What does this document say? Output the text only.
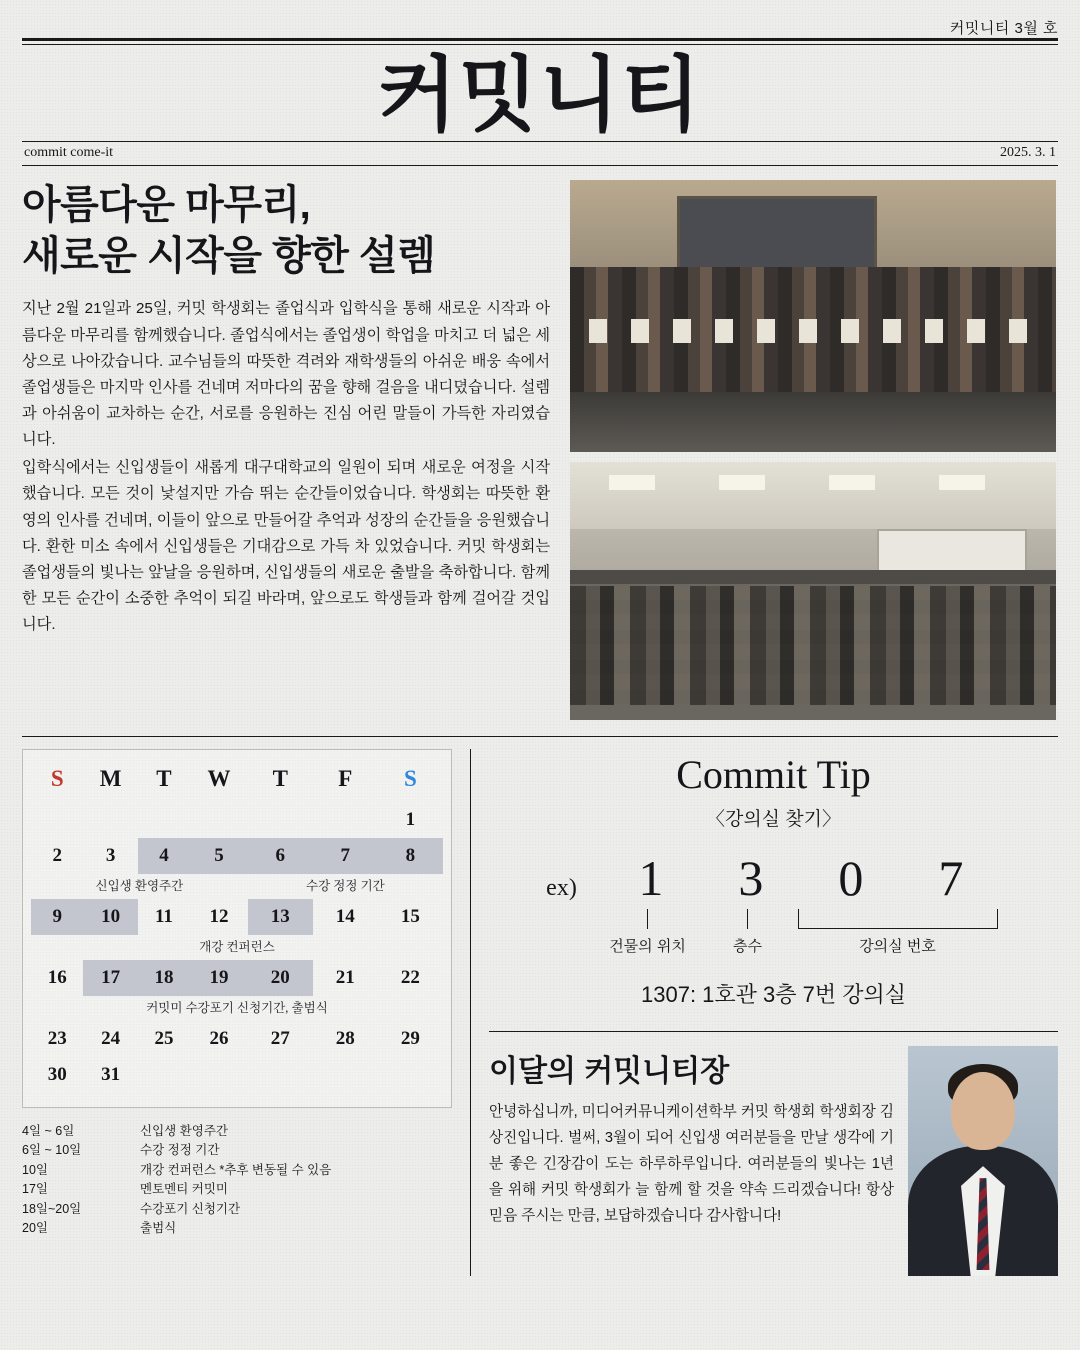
커밋니티 3월 호
커밋니티
commit come-it	2025. 3. 1
아름다운 마무리,
새로운 시작을 향한 설렘

지난 2월 21일과 25일, 커밋 학생회는 졸업식과 입학식을 통해 새로운 시작과 아름다운 마무리를 함께했습니다. 졸업식에서는 졸업생이 학업을 마치고 더 넓은 세상으로 나아갔습니다. 교수님들의 따뜻한 격려와 재학생들의 아쉬운 배웅 속에서 졸업생들은 마지막 인사를 건네며 저마다의 꿈을 향해 걸음을 내디뎠습니다. 설렘과 아쉬움이 교차하는 순간, 서로를 응원하는 진심 어린 말들이 가득한 자리였습니다.

입학식에서는 신입생들이 새롭게 대구대학교의 일원이 되며 새로운 여정을 시작했습니다. 모든 것이 낯설지만 가슴 뛰는 순간들이었습니다. 학생회는 따뜻한 환영의 인사를 건네며, 이들이 앞으로 만들어갈 추억과 성장의 순간들을 응원했습니다. 환한 미소 속에서 신입생들은 기대감으로 가득 차 있었습니다. 커밋 학생회는 졸업생들의 빛나는 앞날을 응원하며, 신입생들의 새로운 출발을 축하합니다. 함께한 모든 순간이 소중한 추억이 되길 바라며, 앞으로도 학생들과 함께 걸어갈 것입니다.

S	M	T	W	T	F	S
						1
2	3	4	5	6	7	8
신입생 환영주간				수강 정정 기간		
9	10	11	12	13	14	15
개강 컨퍼런스						
16	17	18	19	20	21	22
커밋미 수강포기 신청기간, 출범식						
23	24	25	26	27	28	29
30	31					
4일 ~ 6일	신입생 환영주간
6일 ~ 10일	수강 정정 기간
10일	개강 컨퍼런스 *추후 변동될 수 있음
17일	멘토멘티 커밋미
18일~20일	수강포기 신청기간
20일	출범식
Commit Tip
〈강의실 찾기〉
ex)	1	3	0	7
건물의 위치	층수	강의실 번호
1307: 1호관 3층 7번 강의실
이달의 커밋니티장
안녕하십니까, 미디어커뮤니케이션학부 커밋 학생회 학생회장 김상진입니다. 벌써, 3월이 되어 신입생 여러분들을 만날 생각에 기분 좋은 긴장감이 도는 하루하루입니다. 여러분들의 빛나는 1년을 위해 커밋 학생회가 늘 함께 할 것을 약속 드리겠습니다! 항상 믿음 주시는 만큼, 보답하겠습니다 감사합니다!
